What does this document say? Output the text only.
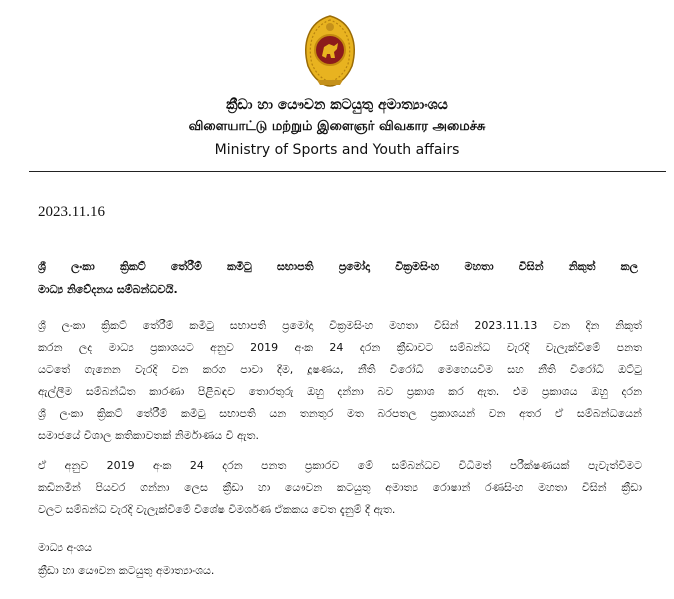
ක්‍රීඩා හා යෞවන කටයුතු අමාත්‍යාංශය
விளையாட்டு மற்றும் இளைஞர் விவகார அமைச்சு
Ministry of Sports and Youth affairs
2023.11.16
ශ්‍රී ලංකා ක්‍රිකට් තේරීම් කමිටු සභාපති ප්‍රමෝදා වික්‍රමසිංහ මහතා විසින් නිකුත් කල
මාධ්‍ය නිවේදනය සම්බන්ධවයි.
ශ්‍රී ලංකා ක්‍රිකට් තේරීම් කමිටු සභාපති ප්‍රමෝදා වික්‍රමසිංහ මහතා විසින් 2023.11.13 වන දින නිකුත්
කරන ලද මාධ්‍ය ප්‍රකාශයට අනුව 2019 අංක 24 දරන ක්‍රීඩාවට සම්බන්ධ වැරදි වැලැක්වීමේ පනත
යටතේ ගැනෙන වැරදි වන කරග පාවා දීම, දූෂණය, නීති විරෝධී මෙහෙයවීම සහ නීති විරෝධී ඔට්ටු
ඇල්ලීම සම්බන්ධිත කාරණා පිළිබඳව තොරතුරු ඔහු දන්නා බව ප්‍රකාශ කර ඇත. එම ප්‍රකාශය ඔහු දරන
ශ්‍රී ලංකා ක්‍රිකට් තේරීම් කමිටු සභාපති යන තනතුර මත බරපතල ප්‍රකාශයන් වන අතර ඒ සම්බන්ධයෙන්
සමාජයේ විශාල කතිකාවතක් නිර්මාණය වී ඇත.
ඒ අනුව 2019 අංක 24 දරන පනත ප්‍රකාරව මේ සම්බන්ධව විධිමත් පරීක්ෂණයක් පැවැත්වීමට
කඩිනමින් පියවර ගන්නා ලෙස ක්‍රීඩා හා යෞවන කටයුතු අමාත්‍ය රොෂාන් රණසිංහ මහතා විසින් ක්‍රීඩා
වලට සම්බන්ධ වැරදි වැලැක්වීමේ විශේෂ විමර්ශණ ඒකකය වෙත දැනුම් දී ඇත.
මාධ්‍ය අංශය
ක්‍රීඩා හා යෞවන කටයුතු අමාත්‍යාංශය.
